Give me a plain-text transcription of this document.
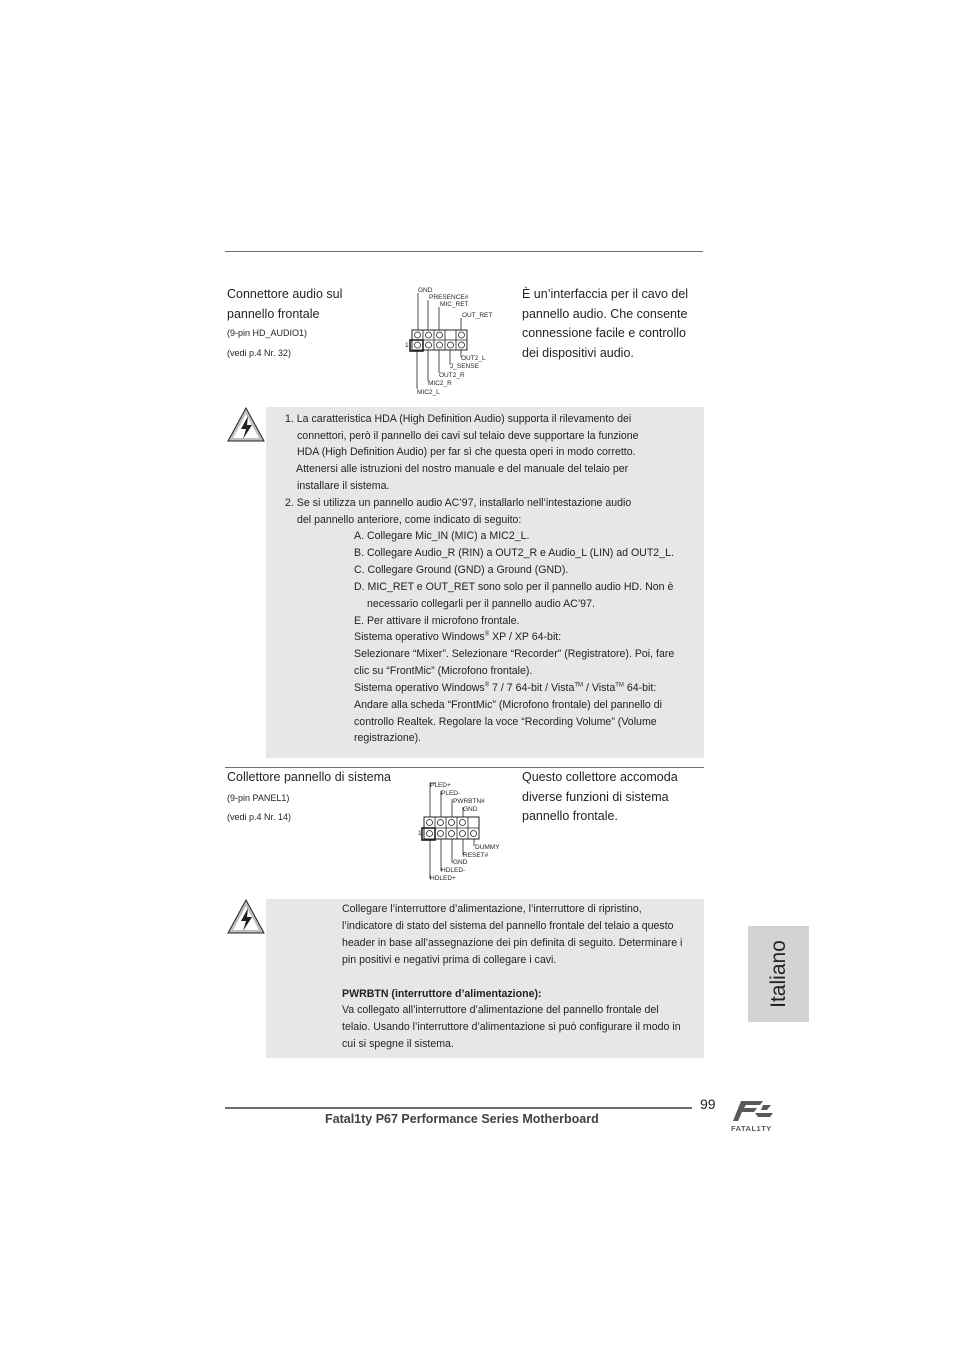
Connettore audio sul
pannello frontale
(9-pin HD_AUDIO1)
(vedi p.4 Nr. 32)
È un’interfaccia per il cavo del
pannello audio. Che consente
connessione facile e controllo
dei dispositivi audio.
GND
PRESENCE#
MIC_RET
OUT_RET
1
OUT2_L
J_SENSE
OUT2_R
MIC2_R
MIC2_L
1. La caratteristica HDA (High Definition Audio) supporta il rilevamento dei
connettori, però il pannello dei cavi sul telaio deve supportare la funzione
HDA (High Definition Audio) per far sì che questa operi in modo corretto.
Attenersi alle istruzioni del nostro manuale e del manuale del telaio per
installare il sistema.
2. Se si utilizza un pannello audio AC’97, installarlo nell’intestazione audio
del pannello anteriore, come indicato di seguito:
A. Collegare Mic_IN (MIC) a MIC2_L.
B. Collegare Audio_R (RIN) a OUT2_R e Audio_L (LIN) ad OUT2_L.
C. Collegare Ground (GND) a Ground (GND).
D. MIC_RET e OUT_RET sono solo per il pannello audio HD. Non è
necessario collegarli per il pannello audio AC’97.
E. Per attivare il microfono frontale.
Sistema operativo Windows® XP / XP 64-bit:
Selezionare “Mixer”. Selezionare “Recorder” (Registratore). Poi, fare
clic su “FrontMic” (Microfono frontale).
Sistema operativo Windows® 7 / 7 64-bit / Vista™ / Vista™ 64-bit:
Andare alla scheda “FrontMic” (Microfono frontale) del pannello di
controllo Realtek. Regolare la voce “Recording Volume” (Volume
registrazione).
Collettore pannello di sistema
(9-pin PANEL1)
(vedi p.4 Nr. 14)
Questo collettore accomoda
diverse funzioni di sistema
pannello frontale.
PLED+
PLED-
PWRBTN#
GND
1
DUMMY
RESET#
GND
HDLED-
HDLED+
Collegare l’interruttore d’alimentazione, l’interruttore di ripristino,
l’indicatore di stato del sistema del pannello frontale del telaio a questo
header in base all’assegnazione dei pin definita di seguito. Determinare i
pin positivi e negativi prima di collegare i cavi.
PWRBTN (interruttore d’alimentazione):
Va collegato all’interruttore d’alimentazione del pannello frontale del
telaio. Usando l’interruttore d’alimentazione si può configurare il modo in
cui si spegne il sistema.
Italiano
99
Fatal1ty P67 Performance Series Motherboard
FATAL1TY
